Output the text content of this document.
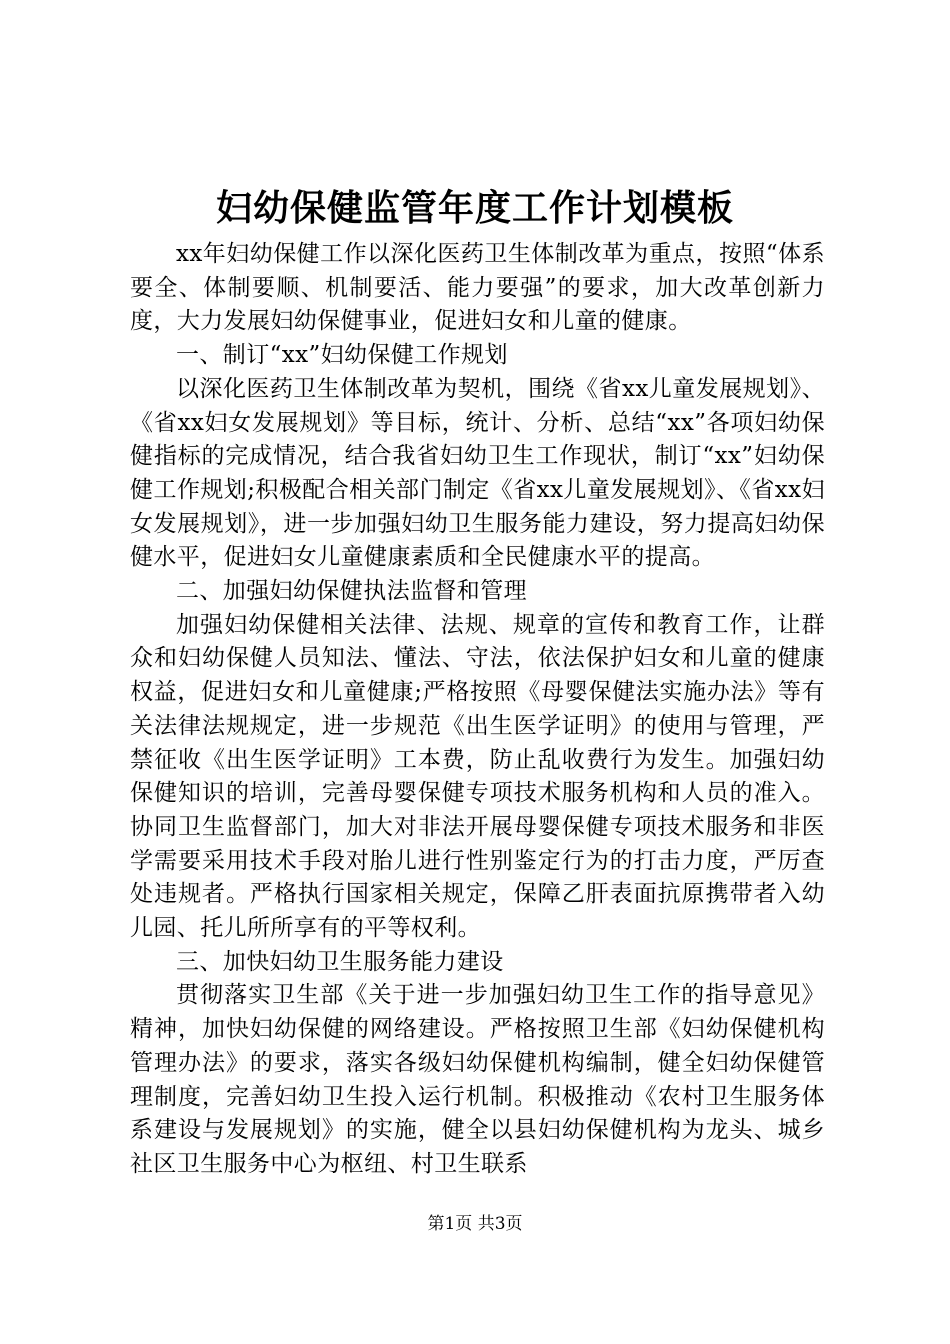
妇幼保健监管年度工作计划模板

xx年妇幼保健工作以深化医药卫生体制改革为重点，按照“体系要全、体制要顺、机制要活、能力要强”的要求，加大改革创新力度，大力发展妇幼保健事业，促进妇女和儿童的健康。

一、制订“xx”妇幼保健工作规划

以深化医药卫生体制改革为契机，围绕《省xx儿童发展规划》、《省xx妇女发展规划》等目标，统计、分析、总结“xx”各项妇幼保健指标的完成情况，结合我省妇幼卫生工作现状，制订“xx”妇幼保健工作规划;积极配合相关部门制定《省xx儿童发展规划》、《省xx妇女发展规划》，进一步加强妇幼卫生服务能力建设，努力提高妇幼保健水平，促进妇女儿童健康素质和全民健康水平的提高。

二、加强妇幼保健执法监督和管理

加强妇幼保健相关法律、法规、规章的宣传和教育工作，让群众和妇幼保健人员知法、懂法、守法，依法保护妇女和儿童的健康权益，促进妇女和儿童健康;严格按照《母婴保健法实施办法》等有关法律法规规定，进一步规范《出生医学证明》的使用与管理，严禁征收《出生医学证明》工本费，防止乱收费行为发生。加强妇幼保健知识的培训，完善母婴保健专项技术服务机构和人员的准入。协同卫生监督部门，加大对非法开展母婴保健专项技术服务和非医学需要采用技术手段对胎儿进行性别鉴定行为的打击力度，严厉查处违规者。严格执行国家相关规定，保障乙肝表面抗原携带者入幼儿园、托儿所所享有的平等权利。

三、加快妇幼卫生服务能力建设

贯彻落实卫生部《关于进一步加强妇幼卫生工作的指导意见》精神，加快妇幼保健的网络建设。严格按照卫生部《妇幼保健机构管理办法》的要求，落实各级妇幼保健机构编制，健全妇幼保健管理制度，完善妇幼卫生投入运行机制。积极推动《农村卫生服务体系建设与发展规划》的实施，健全以县妇幼保健机构为龙头、城乡社区卫生服务中心为枢纽、村卫生联系

第1页 共3页
